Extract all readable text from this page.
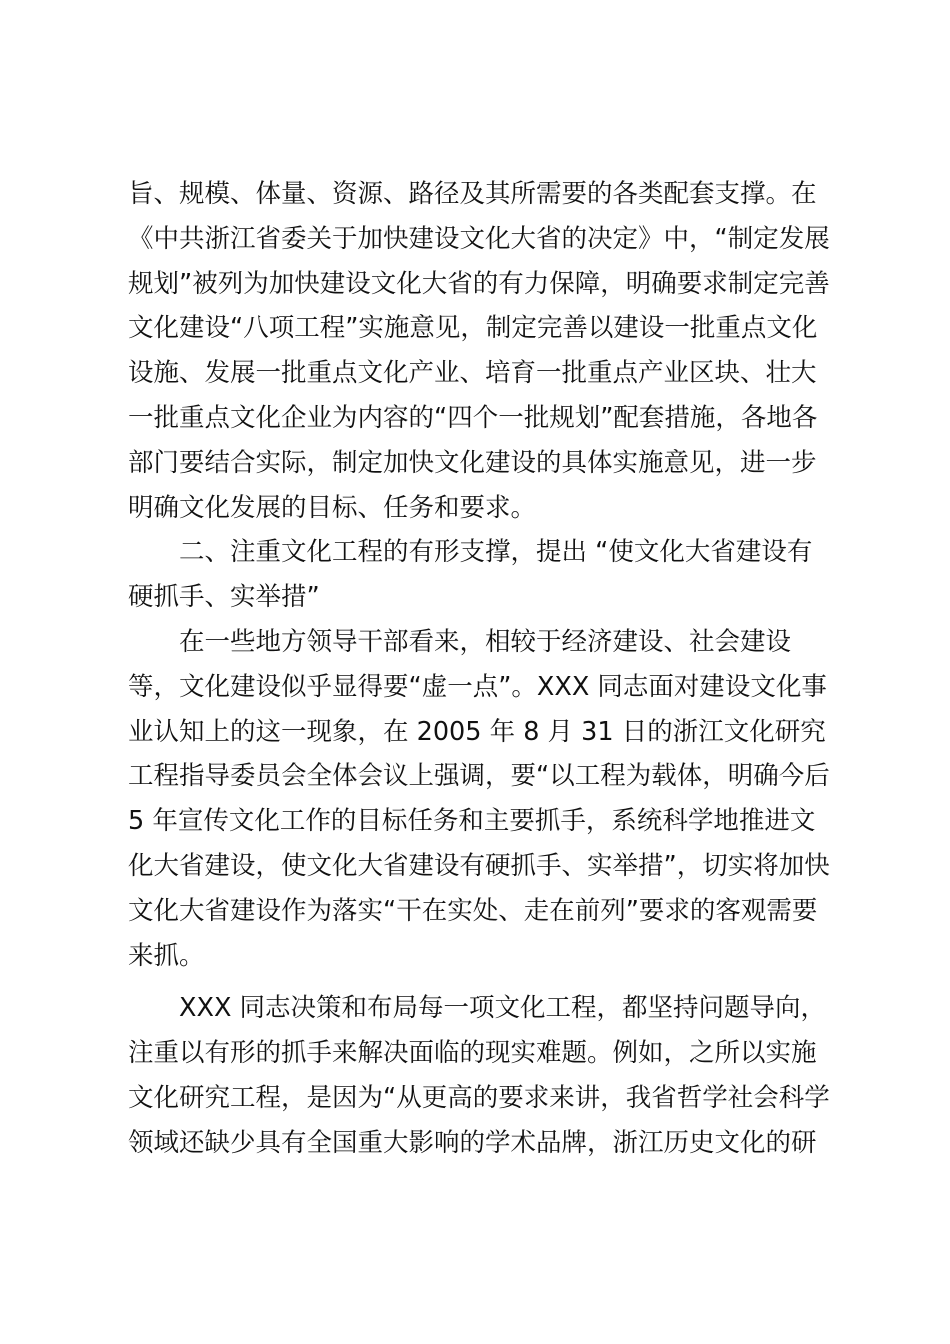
旨、规模、体量、资源、路径及其所需要的各类配套支撑。在
《中共浙江省委关于加快建设文化大省的决定》中，“制定发展
规划”被列为加快建设文化大省的有力保障，明确要求制定完善
文化建设“八项工程”实施意见，制定完善以建设一批重点文化
设施、发展一批重点文化产业、培育一批重点产业区块、壮大
一批重点文化企业为内容的“四个一批规划”配套措施，各地各
部门要结合实际，制定加快文化建设的具体实施意见，进一步
明确文化发展的目标、任务和要求。
二、注重文化工程的有形支撑，提出 “使文化大省建设有
硬抓手、实举措”
在一些地方领导干部看来，相较于经济建设、社会建设
等，文化建设似乎显得要“虚一点”。XXX 同志面对建设文化事
业认知上的这一现象，在 2005 年 8 月 31 日的浙江文化研究
工程指导委员会全体会议上强调，要“以工程为载体，明确今后
5 年宣传文化工作的目标任务和主要抓手，系统科学地推进文
化大省建设，使文化大省建设有硬抓手、实举措”，切实将加快
文化大省建设作为落实“干在实处、走在前列”要求的客观需要
来抓。
XXX 同志决策和布局每一项文化工程，都坚持问题导向，
注重以有形的抓手来解决面临的现实难题。例如，之所以实施
文化研究工程，是因为“从更高的要求来讲，我省哲学社会科学
领域还缺少具有全国重大影响的学术品牌，浙江历史文化的研
